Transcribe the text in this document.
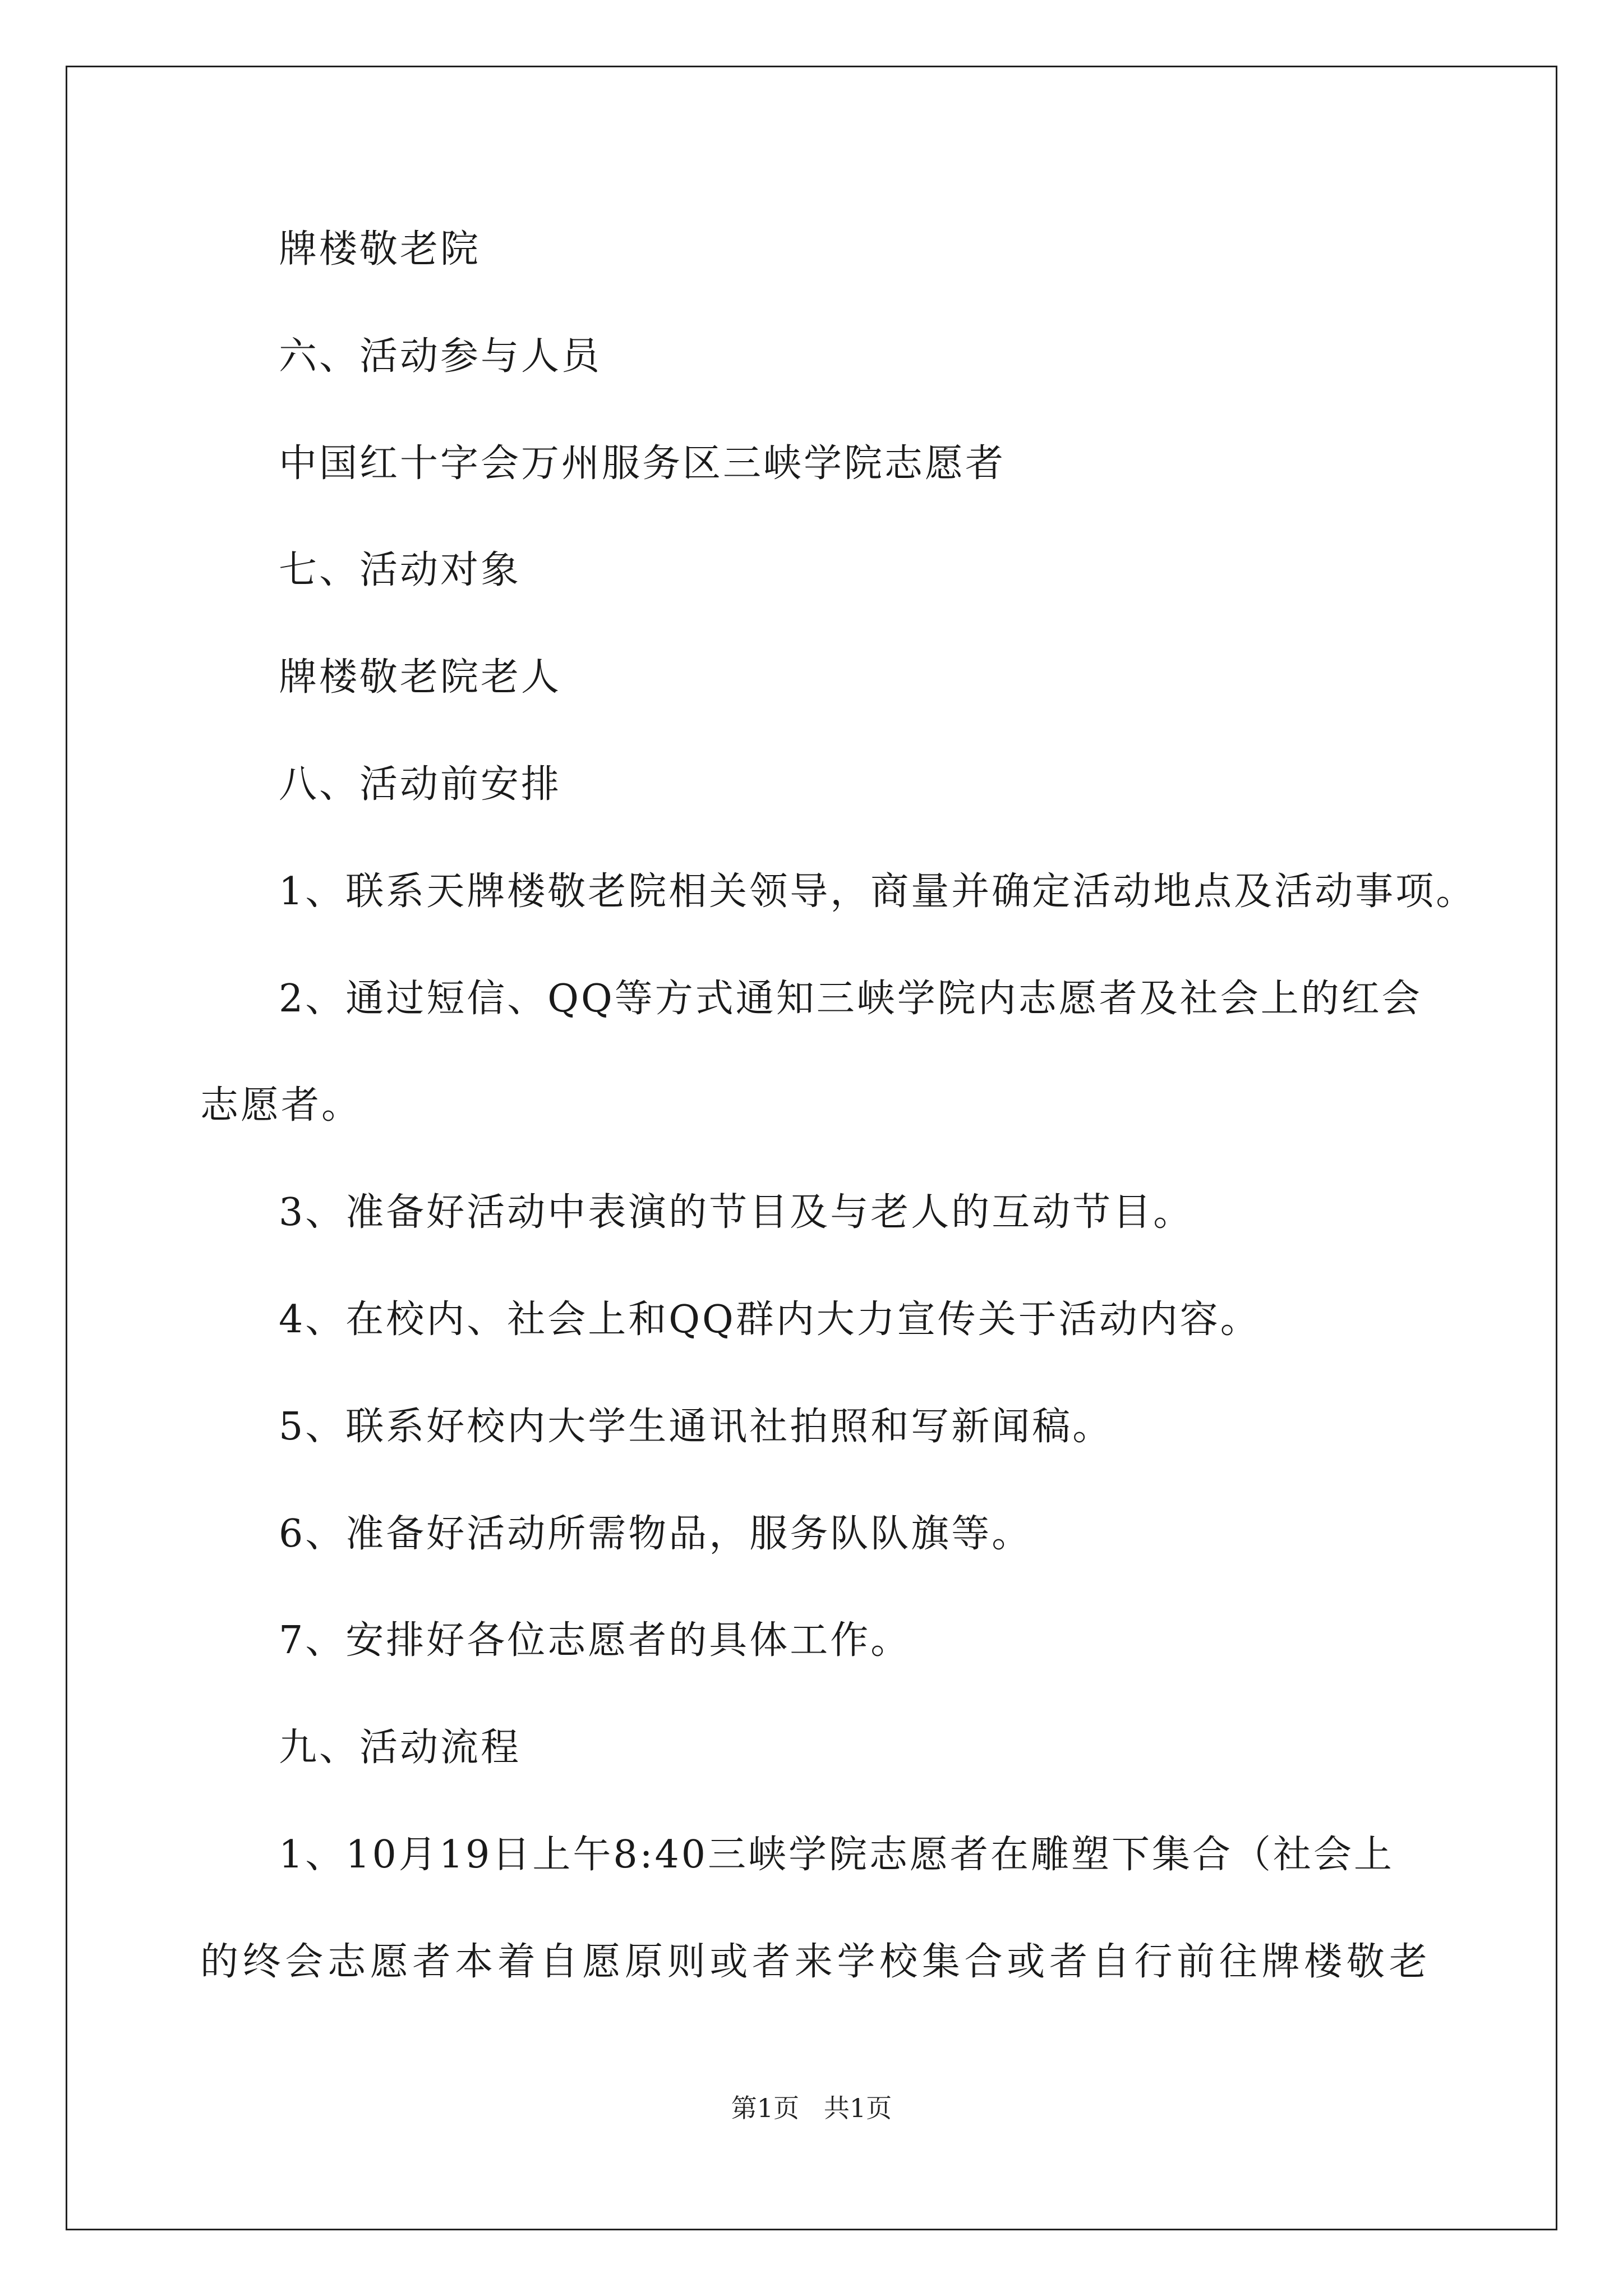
牌楼敬老院
六、活动参与人员
中国红十字会万州服务区三峡学院志愿者
七、活动对象
牌楼敬老院老人
八、活动前安排
1、联系天牌楼敬老院相关领导，商量并确定活动地点及活动事项。
2、通过短信、QQ等方式通知三峡学院内志愿者及社会上的红会
志愿者。
3、准备好活动中表演的节目及与老人的互动节目。
4、在校内、社会上和QQ群内大力宣传关于活动内容。
5、联系好校内大学生通讯社拍照和写新闻稿。
6、准备好活动所需物品，服务队队旗等。
7、安排好各位志愿者的具体工作。
九、活动流程
1、10月19日上午8:40三峡学院志愿者在雕塑下集合（社会上
的 终 会 志 愿 者 本 着 自 愿 原 则 或 者 来 学 校 集 合 或 者 自 行 前 往 牌 楼 敬 老
第1页   共1页
